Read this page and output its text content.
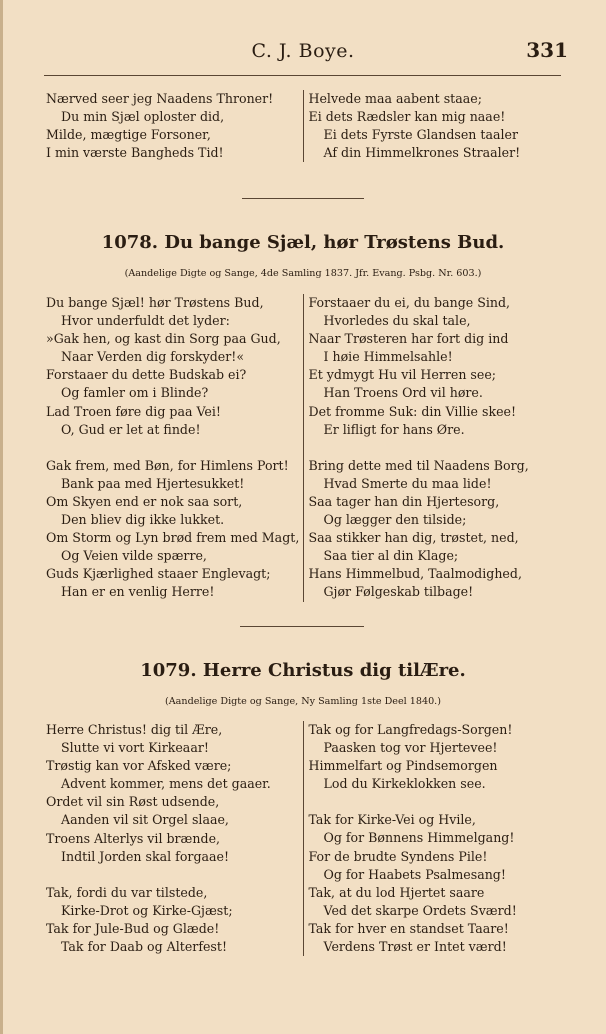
C. J. Boye.	331
Nærved seer jeg Naadens Throner!
Du min Sjæl oploster did,
Milde, mægtige Forsoner,
I min værste Bangheds Tid!
Helvede maa aabent staae;
Ei dets Rædsler kan mig naae!
Ei dets Fyrste Glandsen taaler
Af din Himmelkrones Straaler!
1078. Du bange Sjæl, hør Trøstens Bud.
(Aandelige Digte og Sange, 4de Samling 1837. Jfr. Evang. Psbg. Nr. 603.)
Du bange Sjæl! hør Trøstens Bud,
Hvor underfuldt det lyder:
»Gak hen, og kast din Sorg paa Gud,
Naar Verden dig forskyder!«
Forstaaer du dette Budskab ei?
Og famler om i Blinde?
Lad Troen føre dig paa Vei!
O, Gud er let at finde!
Gak frem, med Bøn, for Himlens Port!
Bank paa med Hjertesukket!
Om Skyen end er nok saa sort,
Den bliev dig ikke lukket.
Om Storm og Lyn brød frem med Magt,
Og Veien vilde spærre,
Guds Kjærlighed staaer Englevagt;
Han er en venlig Herre!
Forstaaer du ei, du bange Sind,
Hvorledes du skal tale,
Naar Trøsteren har fort dig ind
I høie Himmelsahle!
Et ydmygt Hu vil Herren see;
Han Troens Ord vil høre.
Det fromme Suk: din Villie skee!
Er lifligt for hans Øre.
Bring dette med til Naadens Borg,
Hvad Smerte du maa lide!
Saa tager han din Hjertesorg,
Og lægger den tilside;
Saa stikker han dig, trøstet, ned,
Saa tier al din Klage;
Hans Himmelbud, Taalmodighed,
Gjør Følgeskab tilbage!
1079. Herre Christus dig tilÆre.
(Aandelige Digte og Sange, Ny Samling 1ste Deel 1840.)
Herre Christus! dig til Ære,
Slutte vi vort Kirkeaar!
Trøstig kan vor Afsked være;
Advent kommer, mens det gaaer.
Ordet vil sin Røst udsende,
Aanden vil sit Orgel slaae,
Troens Alterlys vil brænde,
Indtil Jorden skal forgaae!
Tak, fordi du var tilstede,
Kirke-Drot og Kirke-Gjæst;
Tak for Jule-Bud og Glæde!
Tak for Daab og Alterfest!
Tak og for Langfredags-Sorgen!
Paasken tog vor Hjertevee!
Himmelfart og Pindsemorgen
Lod du Kirkeklokken see.
Tak for Kirke-Vei og Hvile,
Og for Bønnens Himmelgang!
For de brudte Syndens Pile!
Og for Haabets Psalmesang!
Tak, at du lod Hjertet saare
Ved det skarpe Ordets Sværd!
Tak for hver en standset Taare!
Verdens Trøst er Intet værd!
